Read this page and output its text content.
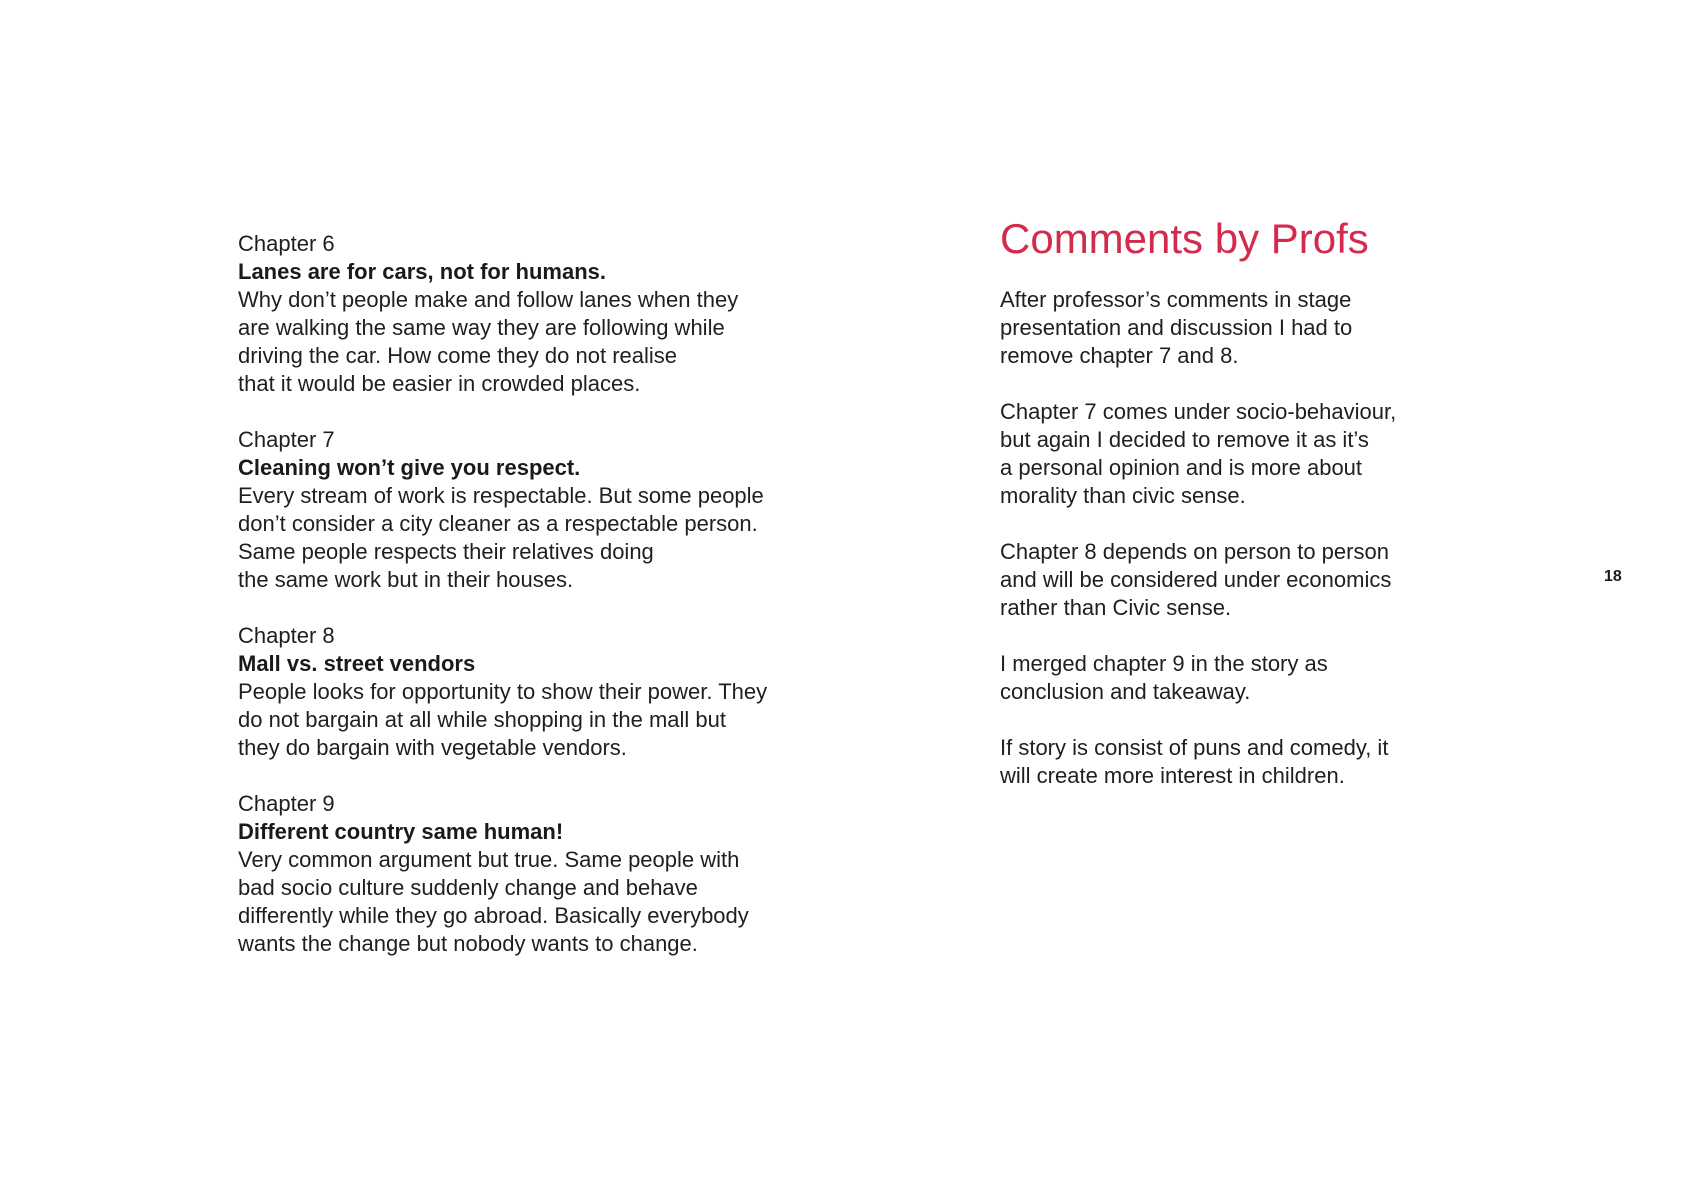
Chapter 6
Lanes are for cars, not for humans.
Why don’t people make and follow lanes when they
are walking the same way they are following while
driving the car. How come they do not realise
that it would be easier in crowded places.
Chapter 7
Cleaning won’t give you respect.
Every stream of work is respectable. But some people
don’t consider a city cleaner as a respectable person.
Same people respects their relatives doing
the same work but in their houses.
Chapter 8
Mall vs. street vendors
People looks for opportunity to show their power. They
do not bargain at all while shopping in the mall but
they do bargain with vegetable vendors.
Chapter 9
Different country same human!
Very common argument but true. Same people with
bad socio culture suddenly change and behave
differently while they go abroad. Basically everybody
wants the change but nobody wants to change.
Comments by Profs
After professor’s comments in stage
presentation and discussion I had to
remove chapter 7 and 8.
Chapter 7 comes under socio-behaviour,
but again I decided to remove it as it’s
a personal opinion and is more about
morality than civic sense.
Chapter 8 depends on person to person
and will be considered under economics
rather than Civic sense.
I merged chapter 9 in the story as
conclusion and takeaway.
If story is consist of puns and comedy, it
will create more interest in children.
18
